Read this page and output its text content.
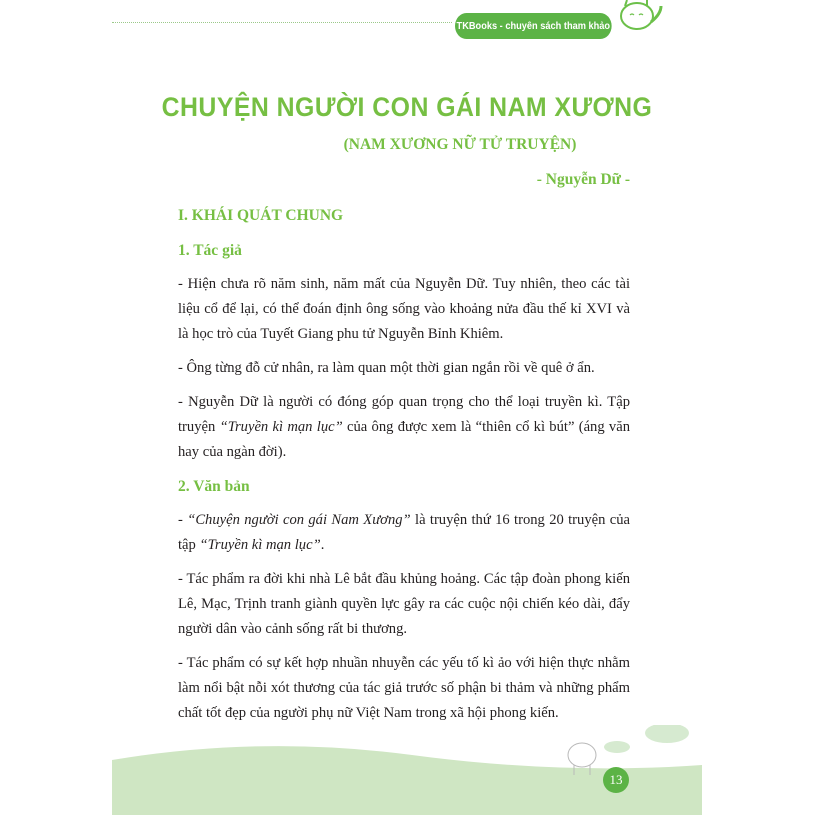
TKBooks - chuyên sách tham khảo
CHUYỆN NGƯỜI CON GÁI NAM XƯƠNG
(NAM XƯƠNG NỮ TỬ TRUYỆN)
- Nguyễn Dữ -
I. KHÁI QUÁT CHUNG
1. Tác giả
- Hiện chưa rõ năm sinh, năm mất của Nguyễn Dữ. Tuy nhiên, theo các tài liệu cổ để lại, có thể đoán định ông sống vào khoảng nửa đầu thế kỉ XVI và là học trò của Tuyết Giang phu tử Nguyễn Bỉnh Khiêm.
- Ông từng đỗ cử nhân, ra làm quan một thời gian ngắn rồi về quê ở ẩn.
- Nguyễn Dữ là người có đóng góp quan trọng cho thể loại truyền kì. Tập truyện “Truyền kì mạn lục” của ông được xem là “thiên cổ kì bút” (áng văn hay của ngàn đời).
2. Văn bản
- “Chuyện người con gái Nam Xương” là truyện thứ 16 trong 20 truyện của tập “Truyền kì mạn lục”.
- Tác phẩm ra đời khi nhà Lê bắt đầu khủng hoảng. Các tập đoàn phong kiến Lê, Mạc, Trịnh tranh giành quyền lực gây ra các cuộc nội chiến kéo dài, đẩy người dân vào cảnh sống rất bi thương.
- Tác phẩm có sự kết hợp nhuần nhuyễn các yếu tố kì ảo với hiện thực nhằm làm nổi bật nỗi xót thương của tác giả trước số phận bi thảm và những phẩm chất tốt đẹp của người phụ nữ Việt Nam trong xã hội phong kiến.
13
